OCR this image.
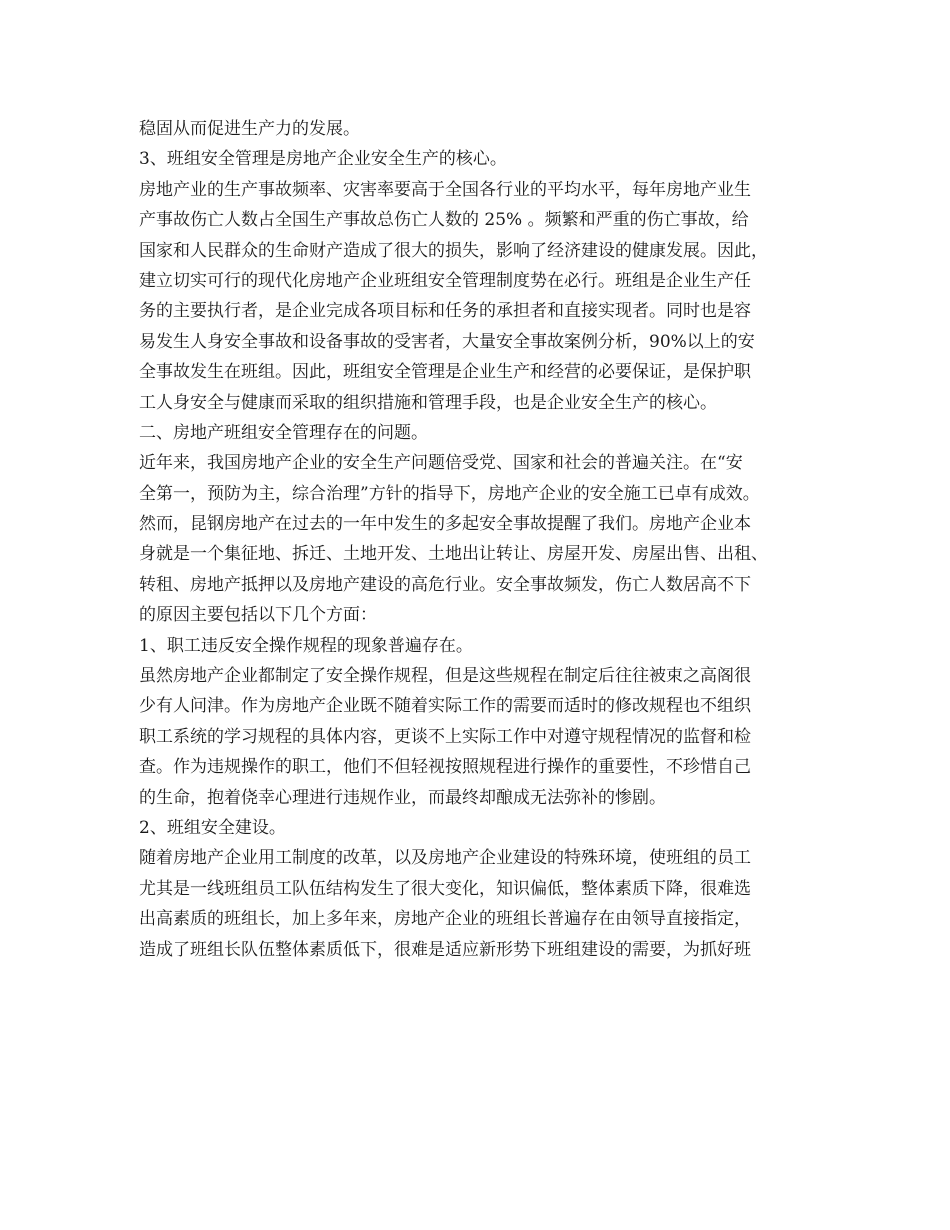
稳固从而促进生产力的发展。
3、班组安全管理是房地产企业安全生产的核心。
房地产业的生产事故频率、灾害率要高于全国各行业的平均水平，每年房地产业生
产事故伤亡人数占全国生产事故总伤亡人数的 25% 。频繁和严重的伤亡事故，给
国家和人民群众的生命财产造成了很大的损失，影响了经济建设的健康发展。因此，
建立切实可行的现代化房地产企业班组安全管理制度势在必行。班组是企业生产任
务的主要执行者，是企业完成各项目标和任务的承担者和直接实现者。同时也是容
易发生人身安全事故和设备事故的受害者，大量安全事故案例分析，90%以上的安
全事故发生在班组。因此，班组安全管理是企业生产和经营的必要保证，是保护职
工人身安全与健康而采取的组织措施和管理手段，也是企业安全生产的核心。
二、房地产班组安全管理存在的问题。
近年来，我国房地产企业的安全生产问题倍受党、国家和社会的普遍关注。在“安
全第一，预防为主，综合治理”方针的指导下，房地产企业的安全施工已卓有成效。
然而，昆钢房地产在过去的一年中发生的多起安全事故提醒了我们。房地产企业本
身就是一个集征地、拆迁、土地开发、土地出让转让、房屋开发、房屋出售、出租、
转租、房地产抵押以及房地产建设的高危行业。安全事故频发，伤亡人数居高不下
的原因主要包括以下几个方面：
1、职工违反安全操作规程的现象普遍存在。
虽然房地产企业都制定了安全操作规程，但是这些规程在制定后往往被束之高阁很
少有人问津。作为房地产企业既不随着实际工作的需要而适时的修改规程也不组织
职工系统的学习规程的具体内容，更谈不上实际工作中对遵守规程情况的监督和检
查。作为违规操作的职工，他们不但轻视按照规程进行操作的重要性，不珍惜自己
的生命，抱着侥幸心理进行违规作业，而最终却酿成无法弥补的惨剧。
2、班组安全建设。
随着房地产企业用工制度的改革，以及房地产企业建设的特殊环境，使班组的员工
尤其是一线班组员工队伍结构发生了很大变化，知识偏低，整体素质下降，很难选
出高素质的班组长，加上多年来，房地产企业的班组长普遍存在由领导直接指定，
造成了班组长队伍整体素质低下，很难是适应新形势下班组建设的需要，为抓好班
